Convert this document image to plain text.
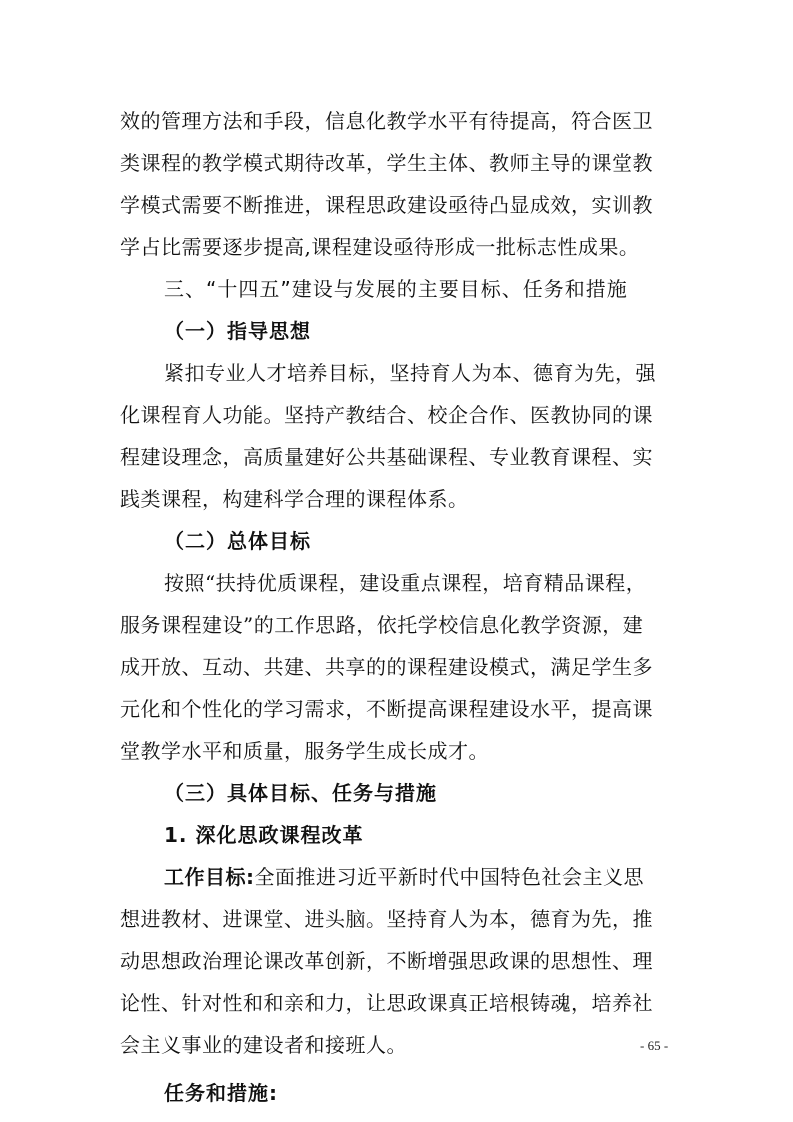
效的管理方法和手段，信息化教学水平有待提高，符合医卫
类课程的教学模式期待改革，学生主体、教师主导的课堂教
学模式需要不断推进，课程思政建设亟待凸显成效，实训教
学占比需要逐步提高,课程建设亟待形成一批标志性成果。
三、“十四五”建设与发展的主要目标、任务和措施
（一）指导思想
紧扣专业人才培养目标，坚持育人为本、德育为先，强
化课程育人功能。坚持产教结合、校企合作、医教协同的课
程建设理念，高质量建好公共基础课程、专业教育课程、实
践类课程，构建科学合理的课程体系。
（二）总体目标
按照“扶持优质课程，建设重点课程，培育精品课程，
服务课程建设”的工作思路，依托学校信息化教学资源，建
成开放、互动、共建、共享的的课程建设模式，满足学生多
元化和个性化的学习需求，不断提高课程建设水平，提高课
堂教学水平和质量，服务学生成长成才。
（三）具体目标、任务与措施
1. 深化思政课程改革
工作目标:全面推进习近平新时代中国特色社会主义思
想进教材、进课堂、进头脑。坚持育人为本，德育为先，推
动思想政治理论课改革创新，不断增强思政课的思想性、理
论性、针对性和和亲和力，让思政课真正培根铸魂，培养社
会主义事业的建设者和接班人。
任务和措施:
- 65 -
